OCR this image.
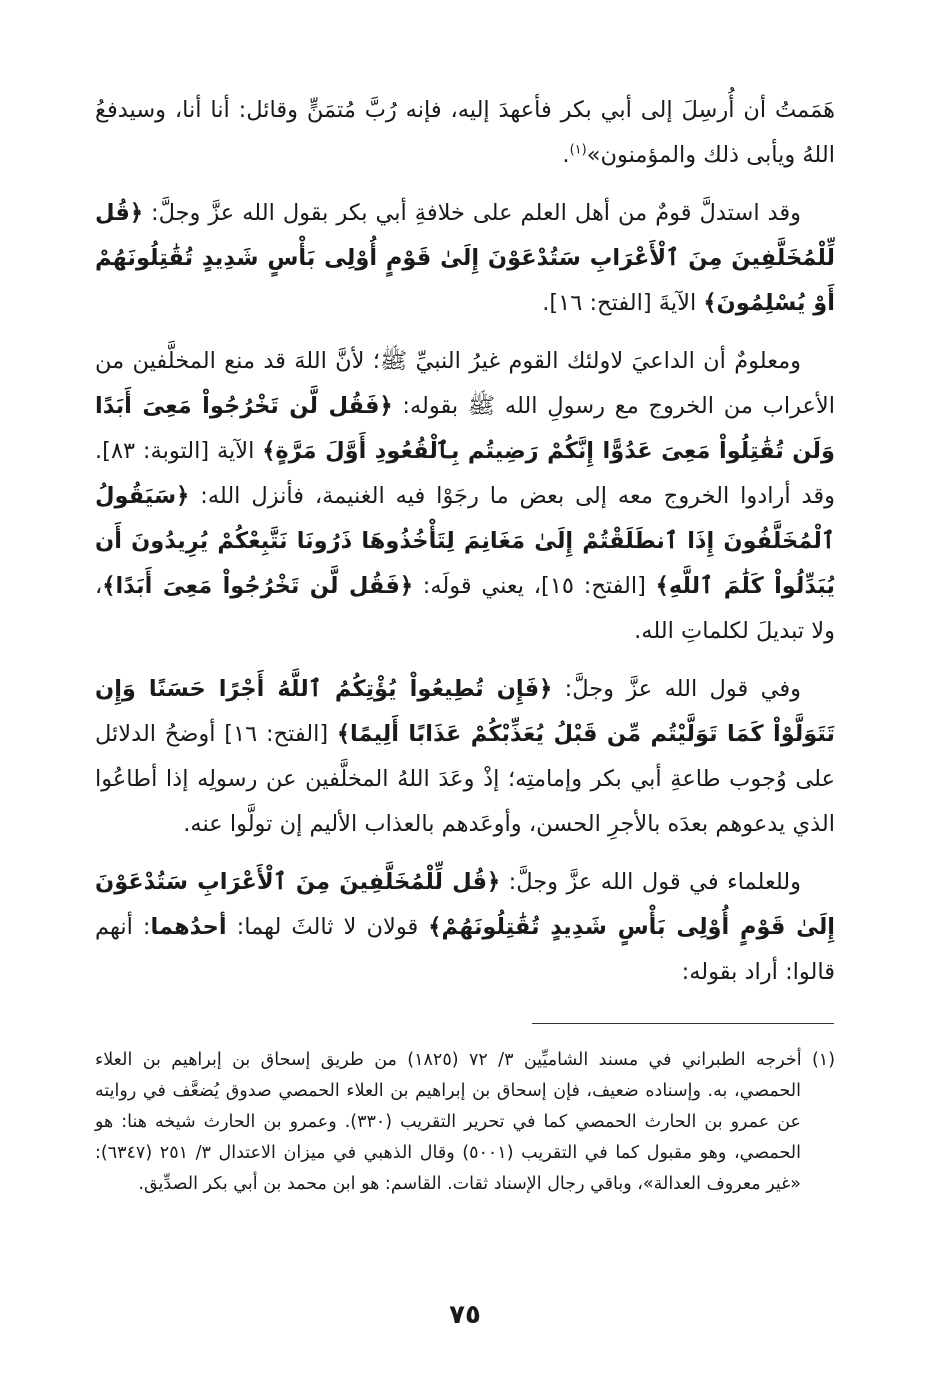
هَمَمتُ أن أُرسِلَ إلى أبي بكر فأعهدَ إليه، فإنه رُبَّ مُتمَنٍّ وقائل: أنا أنا، وسيدفعُ اللهُ ويأبى ذلك والمؤمنون»$^{(١)}$.

وقد استدلَّ قومٌ من أهل العلم على خلافةِ أبي بكر بقول الله عزَّ وجلَّ: ﴿قُل لِّلْمُخَلَّفِينَ مِنَ ٱلْأَعْرَابِ سَتُدْعَوْنَ إِلَىٰ قَوْمٍ أُوْلِى بَأْسٍ شَدِيدٍ تُقَٰتِلُونَهُمْ أَوْ يُسْلِمُونَ﴾ الآيةَ [الفتح: ١٦].

ومعلومٌ أن الداعيَ لاولئك القوم غيرُ النبيِّ ﷺ؛ لأنَّ اللهَ قد منع المخلَّفين من الأعراب من الخروج مع رسولِ الله ﷺ بقوله: ﴿فَقُل لَّن تَخْرُجُواْ مَعِىَ أَبَدًا وَلَن تُقَٰتِلُواْ مَعِىَ عَدُوًّا إِنَّكُمْ رَضِيتُم بِٱلْقُعُودِ أَوَّلَ مَرَّةٍ﴾ الآية [التوبة: ٨٣]. وقد أرادوا الخروج معه إلى بعض ما رجَوْا فيه الغنيمة، فأنزل الله: ﴿سَيَقُولُ ٱلْمُخَلَّفُونَ إِذَا ٱنطَلَقْتُمْ إِلَىٰ مَغَانِمَ لِتَأْخُذُوهَا ذَرُونَا نَتَّبِعْكُمْ يُرِيدُونَ أَن يُبَدِّلُواْ كَلَٰمَ ٱللَّهِ﴾ [الفتح: ١٥]، يعني قولَه: ﴿فَقُل لَّن تَخْرُجُواْ مَعِىَ أَبَدًا﴾، ولا تبديلَ لكلماتِ الله.

وفي قول الله عزَّ وجلَّ: ﴿فَإِن تُطِيعُواْ يُؤْتِكُمُ ٱللَّهُ أَجْرًا حَسَنًا وَإِن تَتَوَلَّوْاْ كَمَا تَوَلَّيْتُم مِّن قَبْلُ يُعَذِّبْكُمْ عَذَابًا أَلِيمًا﴾ [الفتح: ١٦] أوضحُ الدلائل على وُجوب طاعةِ أبي بكر وإمامتِه؛ إذْ وعَدَ اللهُ المخلَّفين عن رسولِه إذا أطاعُوا الذي يدعوهم بعدَه بالأجرِ الحسن، وأوعَدهم بالعذاب الأليم إن تولَّوا عنه.

وللعلماء في قول الله عزَّ وجلَّ: ﴿قُل لِّلْمُخَلَّفِينَ مِنَ ٱلْأَعْرَابِ سَتُدْعَوْنَ إِلَىٰ قَوْمٍ أُوْلِى بَأْسٍ شَدِيدٍ تُقَٰتِلُونَهُمْ﴾ قولان لا ثالثَ لهما: أحدُهما: أنهم قالوا: أراد بقوله:

(١) أخرجه الطبراني في مسند الشاميِّين ٣/ ٧٢ (١٨٢٥) من طريق إسحاق بن إبراهيم بن العلاء الحمصي، به. وإسناده ضعيف، فإن إسحاق بن إبراهيم بن العلاء الحمصي صدوق يُضعَّف في روايته عن عمرو بن الحارث الحمصي كما في تحرير التقريب (٣٣٠). وعمرو بن الحارث شيخه هنا: هو الحمصي، وهو مقبول كما في التقريب (٥٠٠١) وقال الذهبي في ميزان الاعتدال ٣/ ٢٥١ (٦٣٤٧): «غير معروف العدالة»، وباقي رجال الإسناد ثقات. القاسم: هو ابن محمد بن أبي بكر الصدِّيق.

٧٥
